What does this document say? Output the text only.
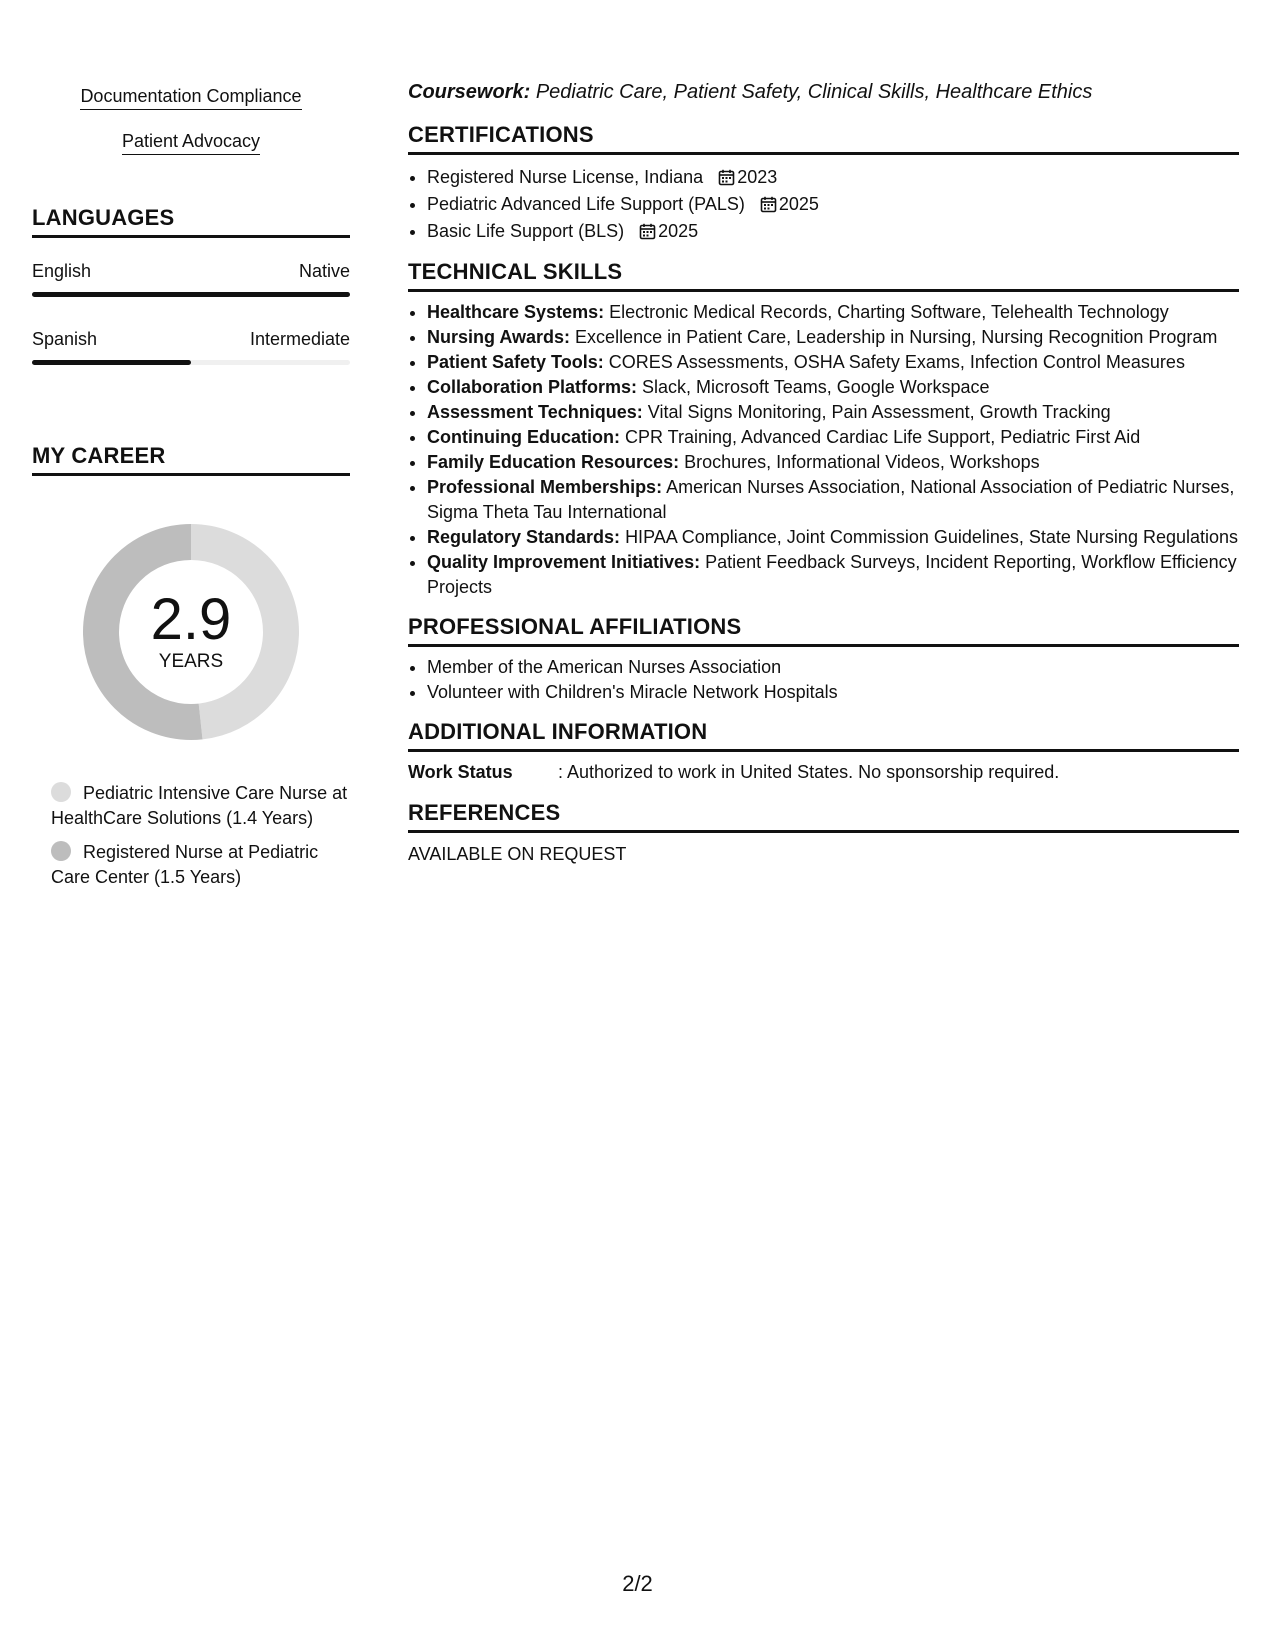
Documentation Compliance
Patient Advocacy
LANGUAGES
English	Native
Spanish	Intermediate
MY CAREER
2.9
YEARS
Pediatric Intensive Care Nurse at HealthCare Solutions (1.4 Years)
Registered Nurse at Pediatric Care Center (1.5 Years)
Coursework: Pediatric Care, Patient Safety, Clinical Skills, Healthcare Ethics
CERTIFICATIONS
• Registered Nurse License, Indiana 2023
• Pediatric Advanced Life Support (PALS) 2025
• Basic Life Support (BLS) 2025
TECHNICAL SKILLS
• Healthcare Systems: Electronic Medical Records, Charting Software, Telehealth Technology
• Nursing Awards: Excellence in Patient Care, Leadership in Nursing, Nursing Recognition Program
• Patient Safety Tools: CORES Assessments, OSHA Safety Exams, Infection Control Measures
• Collaboration Platforms: Slack, Microsoft Teams, Google Workspace
• Assessment Techniques: Vital Signs Monitoring, Pain Assessment, Growth Tracking
• Continuing Education: CPR Training, Advanced Cardiac Life Support, Pediatric First Aid
• Family Education Resources: Brochures, Informational Videos, Workshops
• Professional Memberships: American Nurses Association, National Association of Pediatric Nurses, Sigma Theta Tau International
• Regulatory Standards: HIPAA Compliance, Joint Commission Guidelines, State Nursing Regulations
• Quality Improvement Initiatives: Patient Feedback Surveys, Incident Reporting, Workflow Efficiency Projects
PROFESSIONAL AFFILIATIONS
• Member of the American Nurses Association
• Volunteer with Children's Miracle Network Hospitals
ADDITIONAL INFORMATION
Work Status	: Authorized to work in United States. No sponsorship required.
REFERENCES
AVAILABLE ON REQUEST
2/2
